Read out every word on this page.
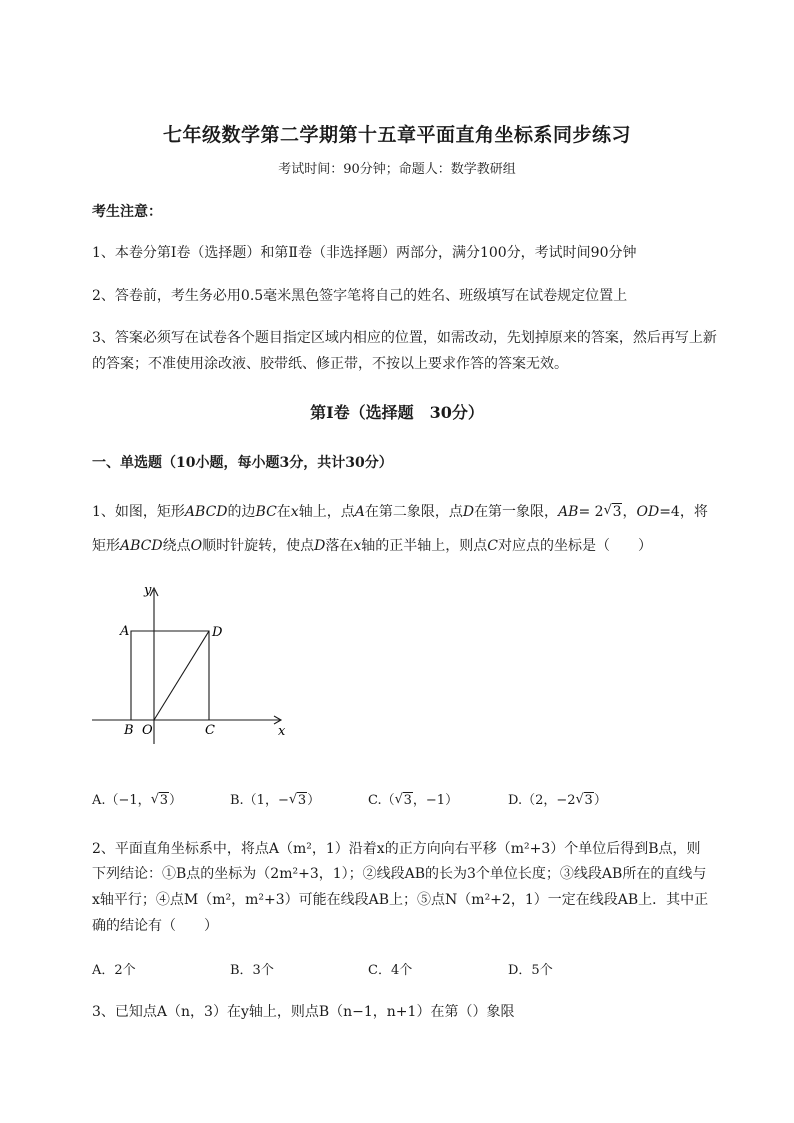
七年级数学第二学期第十五章平面直角坐标系同步练习
考试时间：90分钟；命题人：数学教研组
考生注意：
1、本卷分第Ⅰ卷（选择题）和第Ⅱ卷（非选择题）两部分，满分100分，考试时间90分钟
2、答卷前，考生务必用0.5毫米黑色签字笔将自己的姓名、班级填写在试卷规定位置上
3、答案必须写在试卷各个题目指定区域内相应的位置，如需改动，先划掉原来的答案，然后再写上新
的答案；不准使用涂改液、胶带纸、修正带，不按以上要求作答的答案无效。
第Ⅰ卷（选择题　30分）
一、单选题（10小题，每小题3分，共计30分）
1、如图，矩形ABCD的边BC在x轴上，点A在第二象限，点D在第一象限，AB= 2 √ 3，OD=4，将
矩形ABCD绕点O顺时针旋转，使点D落在x轴的正半轴上，则点C对应点的坐标是（　　）
y
x
A	D
B O	C
A.（−1， √ 3）	B.（1，− √ 3）	C.（ √ 3，−1）	D.（2，−2 √ 3）
2、平面直角坐标系中，将点A（m²，1）沿着x的正方向向右平移（m²+3）个单位后得到B点，则
下列结论：①B点的坐标为（2m²+3，1）；②线段AB的长为3个单位长度；③线段AB所在的直线与
x轴平行；④点M（m²，m²+3）可能在线段AB上；⑤点N（m²+2，1）一定在线段AB上．其中正
确的结论有（　　）
A．2个	B．3个	C．4个	D．5个
3、已知点A（n，3）在y轴上，则点B（n−1，n+1）在第（）象限
